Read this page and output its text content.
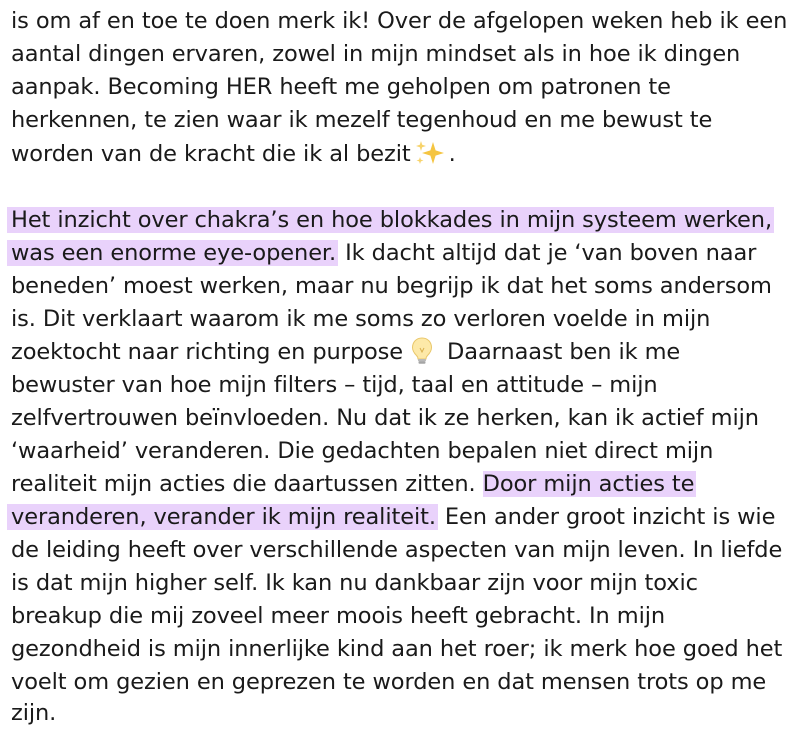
is om af en toe te doen merk ik! Over de afgelopen weken heb ik een
aantal dingen ervaren, zowel in mijn mindset als in hoe ik dingen
aanpak. Becoming HER heeft me geholpen om patronen te
herkennen, te zien waar ik mezelf tegenhoud en me bewust te
worden van de kracht die ik al bezit .
Het inzicht over chakra’s en hoe blokkades in mijn systeem werken,
was een enorme eye-opener. Ik dacht altijd dat je ‘van boven naar
beneden’ moest werken, maar nu begrijp ik dat het soms andersom
is. Dit verklaart waarom ik me soms zo verloren voelde in mijn
zoektocht naar richting en purpose Daarnaast ben ik me
bewuster van hoe mijn filters – tijd, taal en attitude – mijn
zelfvertrouwen beïnvloeden. Nu dat ik ze herken, kan ik actief mijn
‘waarheid’ veranderen. Die gedachten bepalen niet direct mijn
realiteit mijn acties die daartussen zitten. Door mijn acties te
veranderen, verander ik mijn realiteit. Een ander groot inzicht is wie
de leiding heeft over verschillende aspecten van mijn leven. In liefde
is dat mijn higher self. Ik kan nu dankbaar zijn voor mijn toxic
breakup die mij zoveel meer moois heeft gebracht. In mijn
gezondheid is mijn innerlijke kind aan het roer; ik merk hoe goed het
voelt om gezien en geprezen te worden en dat mensen trots op me
zijn.
